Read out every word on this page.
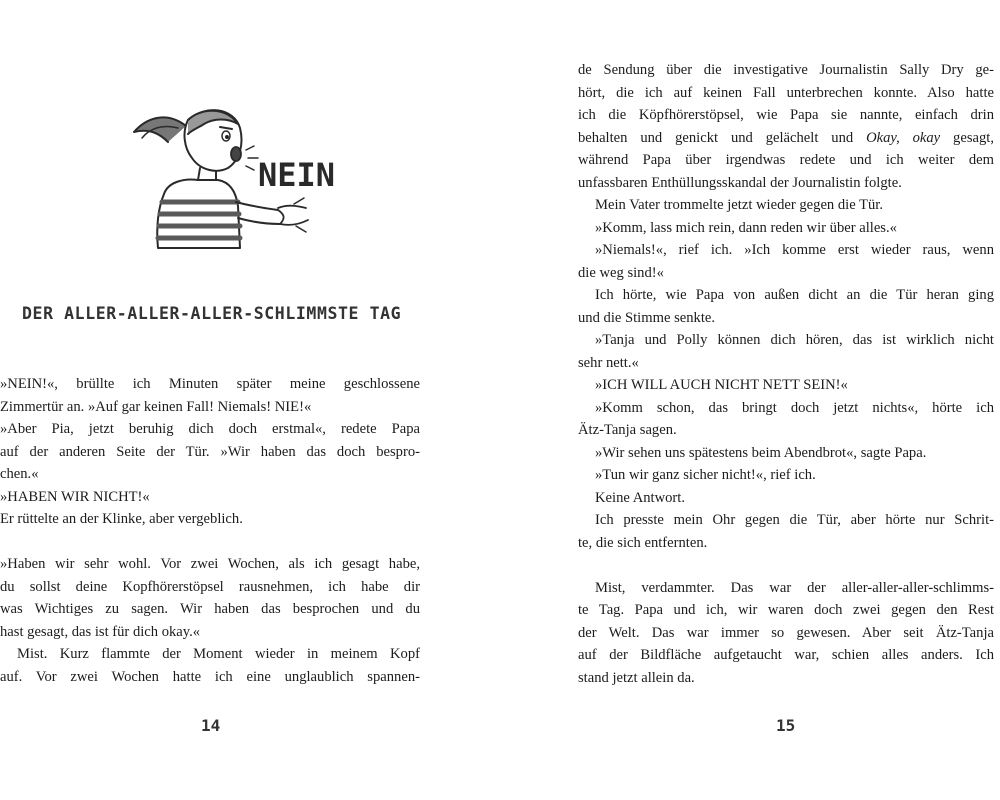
NEIN
DER ALLER-ALLER-ALLER-SCHLIMMSTE TAG

»NEIN!«, brüllte ich Minuten später meine geschlossene

Zimmertür an. »Auf gar keinen Fall! Niemals! NIE!«

»Aber Pia, jetzt beruhig dich doch erstmal«, redete Papa

auf der anderen Seite der Tür. »Wir haben das doch bespro-

chen.«

»HABEN WIR NICHT!«

Er rüttelte an der Klinke, aber vergeblich.

»Haben wir sehr wohl. Vor zwei Wochen, als ich gesagt habe,

du sollst deine Kopfhörerstöpsel rausnehmen, ich habe dir

was Wichtiges zu sagen. Wir haben das besprochen und du

hast gesagt, das ist für dich okay.«

Mist. Kurz flammte der Moment wieder in meinem Kopf

auf. Vor zwei Wochen hatte ich eine unglaublich spannen-

14

de Sendung über die investigative Journalistin Sally Dry ge-

hört, die ich auf keinen Fall unterbrechen konnte. Also hatte

ich die Köpfhörerstöpsel, wie Papa sie nannte, einfach drin

behalten und genickt und gelächelt und Okay, okay gesagt,

während Papa über irgendwas redete und ich weiter dem

unfassbaren Enthüllungsskandal der Journalistin folgte.

Mein Vater trommelte jetzt wieder gegen die Tür.

»Komm, lass mich rein, dann reden wir über alles.«

»Niemals!«, rief ich. »Ich komme erst wieder raus, wenn

die weg sind!«

Ich hörte, wie Papa von außen dicht an die Tür heran ging

und die Stimme senkte.

»Tanja und Polly können dich hören, das ist wirklich nicht

sehr nett.«

»ICH WILL AUCH NICHT NETT SEIN!«

»Komm schon, das bringt doch jetzt nichts«, hörte ich

Ätz-Tanja sagen.

»Wir sehen uns spätestens beim Abendbrot«, sagte Papa.

»Tun wir ganz sicher nicht!«, rief ich.

Keine Antwort.

Ich presste mein Ohr gegen die Tür, aber hörte nur Schrit-

te, die sich entfernten.

Mist, verdammter. Das war der aller-aller-aller-schlimms-

te Tag. Papa und ich, wir waren doch zwei gegen den Rest

der Welt. Das war immer so gewesen. Aber seit Ätz-Tanja

auf der Bildfläche aufgetaucht war, schien alles anders. Ich

stand jetzt allein da.

15
